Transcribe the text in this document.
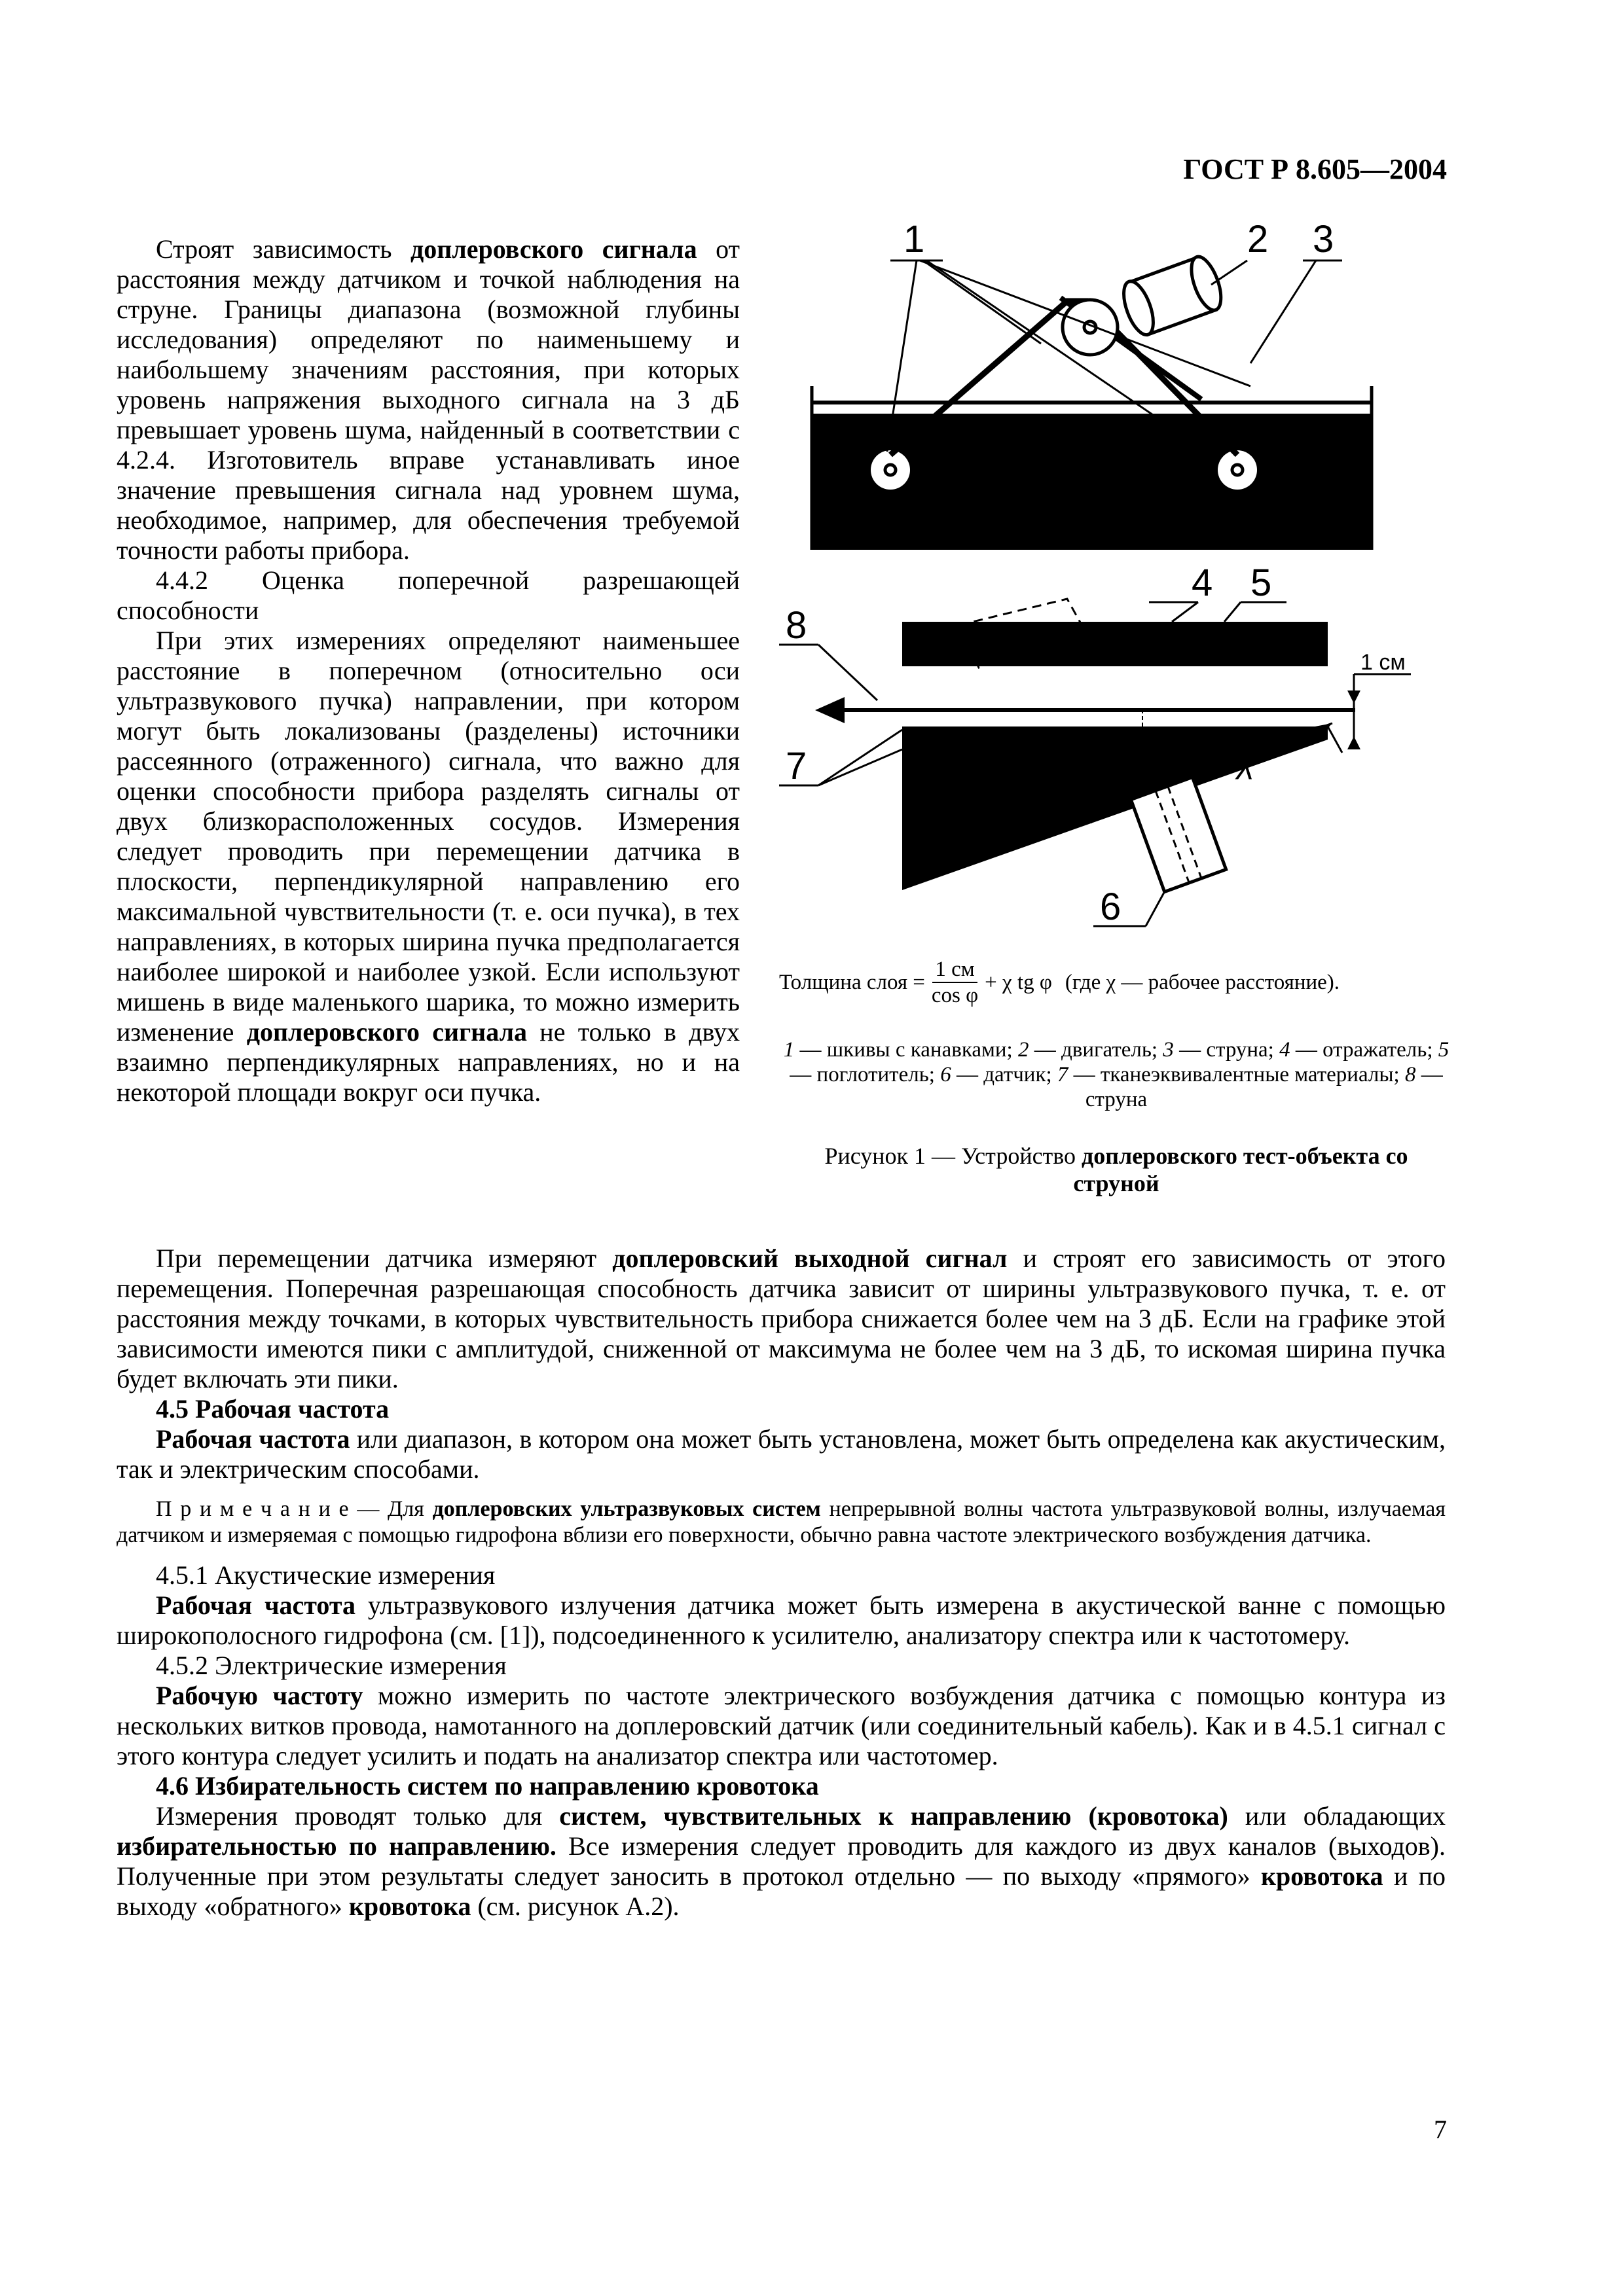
ГОСТ Р 8.605—2004

Строят зависимость доплеровского сигнала от расстояния между датчиком и точкой наблюдения на струне. Границы диапазона (возможной глубины исследования) определяют по наименьшему и наибольшему значениям расстояния, при которых уровень напряжения выходного сигнала на 3 дБ превышает уровень шума, найденный в соответствии с 4.2.4. Изготовитель вправе устанавливать иное значение превышения сигнала над уровнем шума, необходимое, например, для обеспечения требуемой точности работы прибора.

4.4.2 Оценка поперечной разрешающей способности

При этих измерениях определяют наименьшее расстояние в поперечном (относительно оси ультразвукового пучка) направлении, при котором могут быть локализованы (разделены) источники рассеянного (отраженного) сигнала, что важно для оценки способности прибора разделять сигналы от двух близкорасположенных сосудов. Измерения следует проводить при перемещении датчика в плоскости, перпендикулярной направлению его максимальной чувствительности (т. е. оси пучка), в тех направлениях, в которых ширина пучка предполагается наиболее широкой и наиболее узкой. Если используют мишень в виде маленького шарика, то можно измерить изменение доплеровского сигнала не только в двух взаимно перпендикулярных направлениях, но и на некоторой площади вокруг оси пучка.

1	2 3
χ
1 см
4 5
8
7
6
Толщина слоя =
1 см
cos φ
+ χ tg φ (где χ — рабочее расстояние).
1 — шкивы с канавками; 2 — двигатель; 3 — струна; 4 — отражатель; 5 — поглотитель; 6 — датчик; 7 — тканеэквивалентные материалы; 8 — струна
Рисунок 1 — Устройство доплеровского тест-объекта со струной

При перемещении датчика измеряют доплеровский выходной сигнал и строят его зависимость от этого перемещения. Поперечная разрешающая способность датчика зависит от ширины ультразвукового пучка, т. е. от расстояния между точками, в которых чувствительность прибора снижается более чем на 3 дБ. Если на графике этой зависимости имеются пики с амплитудой, сниженной от максимума не более чем на 3 дБ, то искомая ширина пучка будет включать эти пики.

4.5 Рабочая частота

Рабочая частота или диапазон, в котором она может быть установлена, может быть определена как акустическим, так и электрическим способами.

П р и м е ч а н и е — Для доплеровских ультразвуковых систем непрерывной волны частота ультразвуковой волны, излучаемая датчиком и измеряемая с помощью гидрофона вблизи его поверхности, обычно равна частоте электрического возбуждения датчика.

4.5.1 Акустические измерения

Рабочая частота ультразвукового излучения датчика может быть измерена в акустической ванне с помощью широкополосного гидрофона (см. [1]), подсоединенного к усилителю, анализатору спектра или к частотомеру.

4.5.2 Электрические измерения

Рабочую частоту можно измерить по частоте электрического возбуждения датчика с помощью контура из нескольких витков провода, намотанного на доплеровский датчик (или соединительный кабель). Как и в 4.5.1 сигнал с этого контура следует усилить и подать на анализатор спектра или частотомер.

4.6 Избирательность систем по направлению кровотока

Измерения проводят только для систем, чувствительных к направлению (кровотока) или обладающих избирательностью по направлению. Все измерения следует проводить для каждого из двух каналов (выходов). Полученные при этом результаты следует заносить в протокол отдельно — по выходу «прямого» кровотока и по выходу «обратного» кровотока (см. рисунок А.2).

7
